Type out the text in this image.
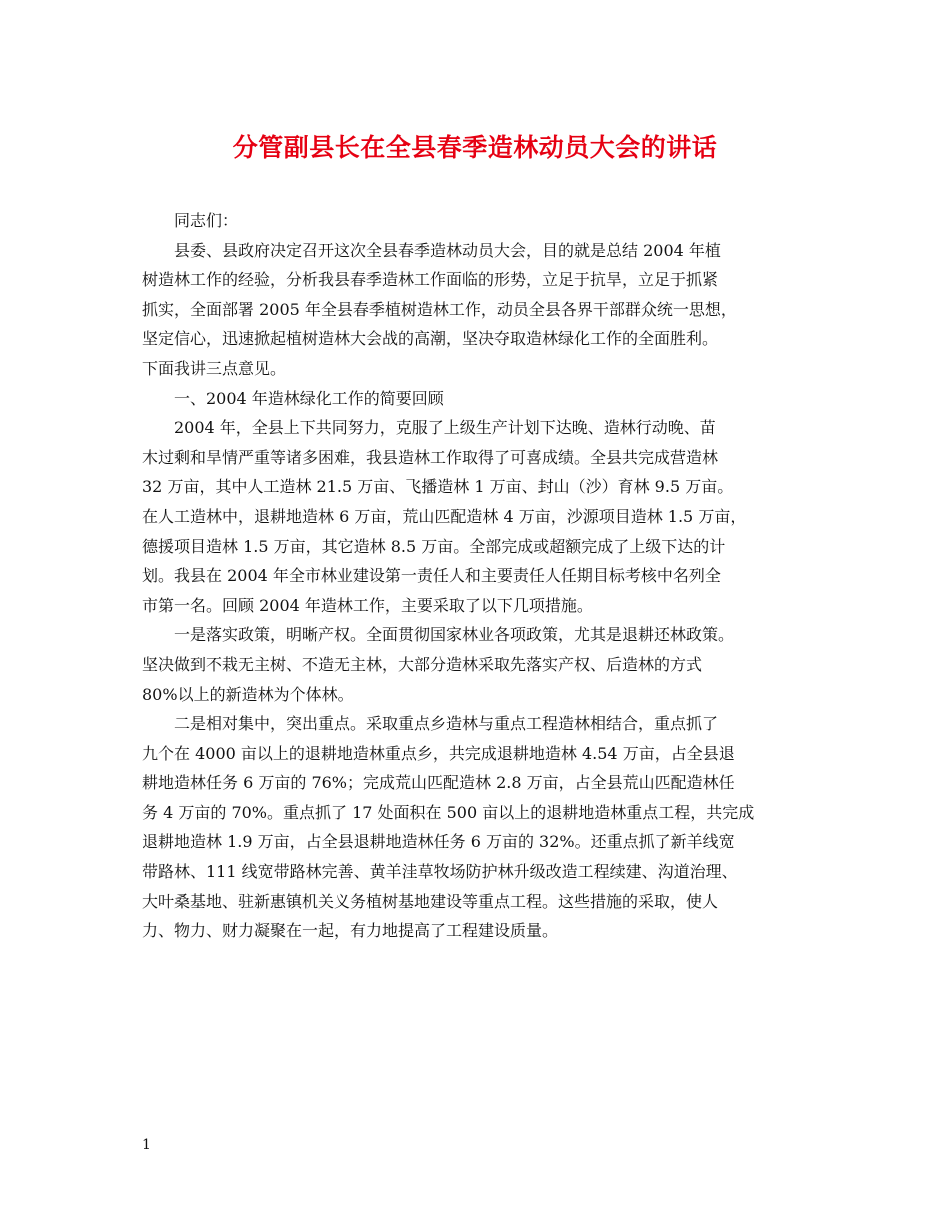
分管副县长在全县春季造林动员大会的讲话

同志们：

县委、县政府决定召开这次全县春季造林动员大会，目的就是总结 2004 年植
树造林工作的经验，分析我县春季造林工作面临的形势，立足于抗旱，立足于抓紧
抓实，全面部署 2005 年全县春季植树造林工作，动员全县各界干部群众统一思想，
坚定信心，迅速掀起植树造林大会战的高潮，坚决夺取造林绿化工作的全面胜利。
下面我讲三点意见。

一、2004 年造林绿化工作的简要回顾

2004 年，全县上下共同努力，克服了上级生产计划下达晚、造林行动晚、苗
木过剩和旱情严重等诸多困难，我县造林工作取得了可喜成绩。全县共完成营造林
32 万亩，其中人工造林 21.5 万亩、飞播造林 1 万亩、封山（沙）育林 9.5 万亩。
在人工造林中，退耕地造林 6 万亩，荒山匹配造林 4 万亩，沙源项目造林 1.5 万亩，
德援项目造林 1.5 万亩，其它造林 8.5 万亩。全部完成或超额完成了上级下达的计
划。我县在 2004 年全市林业建设第一责任人和主要责任人任期目标考核中名列全
市第一名。回顾 2004 年造林工作，主要采取了以下几项措施。

一是落实政策，明晰产权。全面贯彻国家林业各项政策，尤其是退耕还林政策。
坚决做到不栽无主树、不造无主林，大部分造林采取先落实产权、后造林的方式
80%以上的新造林为个体林。

二是相对集中，突出重点。采取重点乡造林与重点工程造林相结合，重点抓了
九个在 4000 亩以上的退耕地造林重点乡，共完成退耕地造林 4.54 万亩，占全县退
耕地造林任务 6 万亩的 76%；完成荒山匹配造林 2.8 万亩，占全县荒山匹配造林任
务 4 万亩的 70%。重点抓了 17 处面积在 500 亩以上的退耕地造林重点工程，共完成
退耕地造林 1.9 万亩，占全县退耕地造林任务 6 万亩的 32%。还重点抓了新羊线宽
带路林、111 线宽带路林完善、黄羊洼草牧场防护林升级改造工程续建、沟道治理、
大叶桑基地、驻新惠镇机关义务植树基地建设等重点工程。这些措施的采取，使人
力、物力、财力凝聚在一起，有力地提高了工程建设质量。

1
